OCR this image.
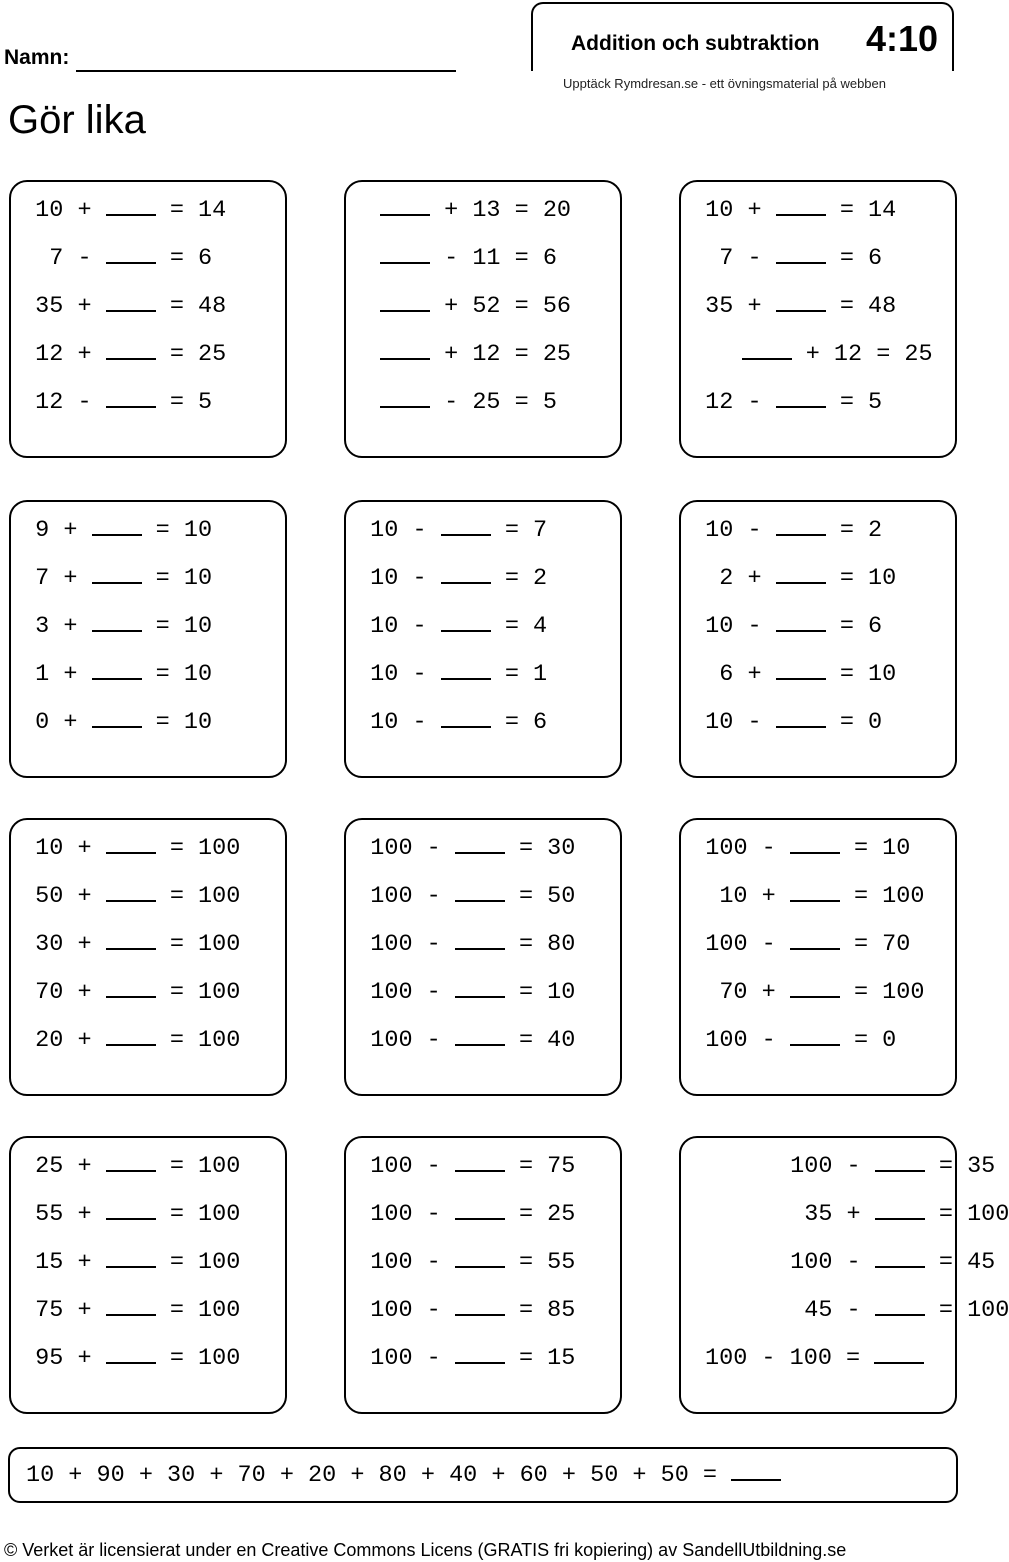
Namn:
Gör lika
Addition och subtraktion 4:10
Upptäck Rymdresan.se - ett övningsmaterial på webben
10 +	= 14
7 -	= 6
35 +	= 48
12 +	= 25
12 -	= 5
+ 13 = 20
- 11 = 6
+ 52 = 56
+ 12 = 25
- 25 = 5
10 +	= 14
7 -	= 6
35 +	= 48
+ 12 = 25
12 -	= 5
9 +	= 10
7 +	= 10
3 +	= 10
1 +	= 10
0 +	= 10
10 -	= 7
10 -	= 2
10 -	= 4
10 -	= 1
10 -	= 6
10 -	= 2
2 +	= 10
10 -	= 6
6 +	= 10
10 -	= 0
10 +	= 100
50 +	= 100
30 +	= 100
70 +	= 100
20 +	= 100
100 -	= 30
100 -	= 50
100 -	= 80
100 -	= 10
100 -	= 40
100 -	= 10
10 +	= 100
100 -	= 70
70 +	= 100
100 -	= 0
25 +	= 100
55 +	= 100
15 +	= 100
75 +	= 100
95 +	= 100
100 -	= 75
100 -	= 25
100 -	= 55
100 -	= 85
100 -	= 15
100 -	= 35
35 +	= 100
100 -	= 45
45 -	= 100
100 - 100 =
10 + 90 + 30 + 70 + 20 + 80 + 40 + 60 + 50 + 50 =
© Verket är licensierat under en Creative Commons Licens (GRATIS fri kopiering) av SandellUtbildning.se
